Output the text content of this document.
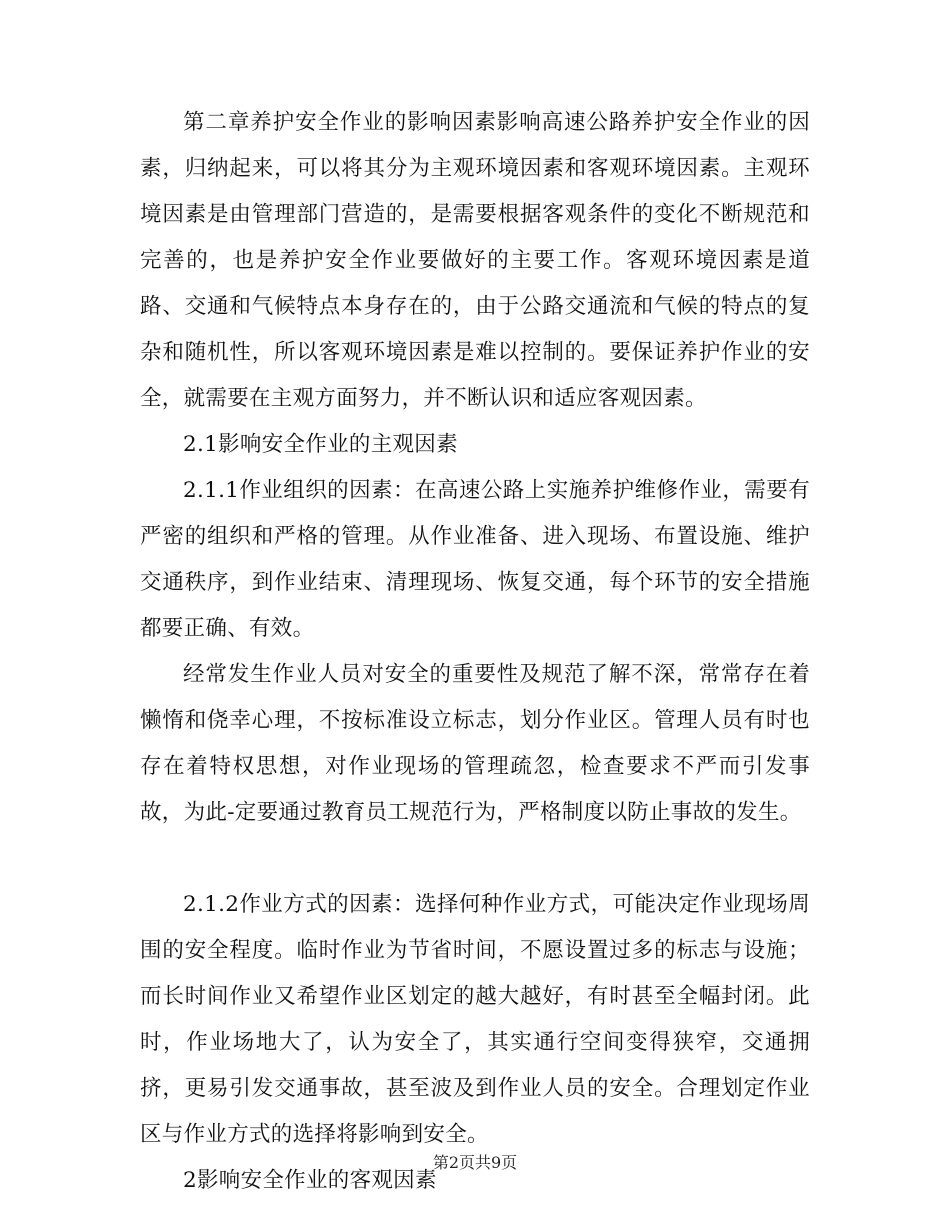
第二章养护安全作业的影响因素影响高速公路养护安全作业的因素，归纳起来，可以将其分为主观环境因素和客观环境因素。主观环境因素是由管理部门营造的，是需要根据客观条件的变化不断规范和完善的，也是养护安全作业要做好的主要工作。客观环境因素是道路、交通和气候特点本身存在的，由于公路交通流和气候的特点的复杂和随机性，所以客观环境因素是难以控制的。要保证养护作业的安全，就需要在主观方面努力，并不断认识和适应客观因素。

2.1影响安全作业的主观因素

2.1.1作业组织的因素：在高速公路上实施养护维修作业，需要有严密的组织和严格的管理。从作业准备、进入现场、布置设施、维护交通秩序，到作业结束、清理现场、恢复交通，每个环节的安全措施都要正确、有效。

经常发生作业人员对安全的重要性及规范了解不深，常常存在着懒惰和侥幸心理，不按标准设立标志，划分作业区。管理人员有时也存在着特权思想，对作业现场的管理疏忽，检查要求不严而引发事故，为此-定要通过教育员工规范行为，严格制度以防止事故的发生。

2.1.2作业方式的因素：选择何种作业方式，可能决定作业现场周围的安全程度。临时作业为节省时间，不愿设置过多的标志与设施；而长时间作业又希望作业区划定的越大越好，有时甚至全幅封闭。此时，作业场地大了，认为安全了，其实通行空间变得狭窄，交通拥挤，更易引发交通事故，甚至波及到作业人员的安全。合理划定作业区与作业方式的选择将影响到安全。

2影响安全作业的客观因素

第2页共9页
